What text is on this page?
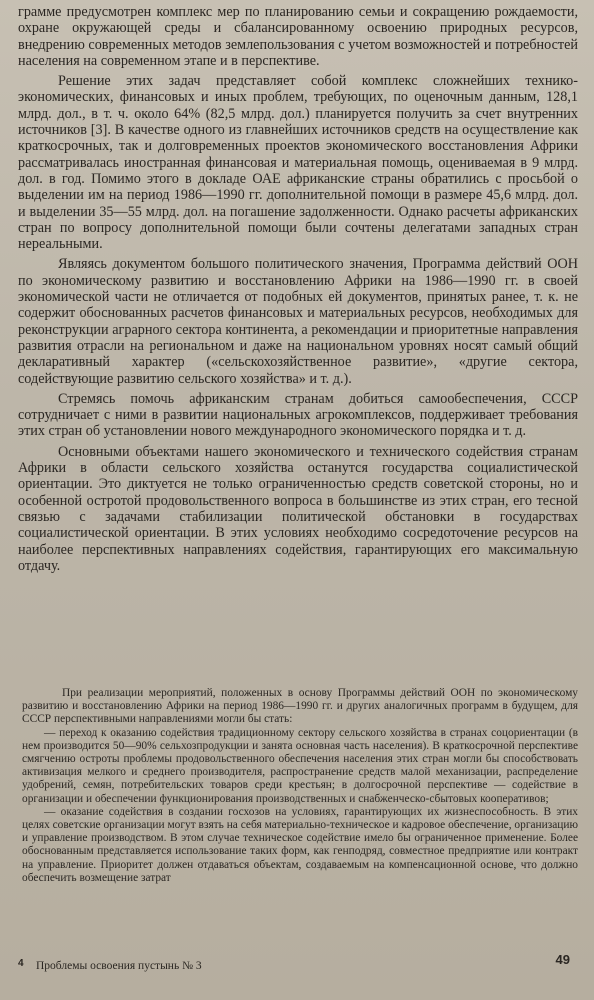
грамме предусмотрен комплекс мер по планированию семьи и сокращению рождаемости, охране окружающей среды и сбалансированному освоению природных ресурсов, внедрению современных методов землепользования с учетом возможностей и потребностей населения на современном этапе и в перспективе.

Решение этих задач представляет собой комплекс сложнейших технико-экономических, финансовых и иных проблем, требующих, по оценочным данным, 128,1 млрд. дол., в т. ч. около 64% (82,5 млрд. дол.) планируется получить за счет внутренних источников [3]. В качестве одного из главнейших источников средств на осуществление как краткосрочных, так и долговременных проектов экономического восстановления Африки рассматривалась иностранная финансовая и материальная помощь, оцениваемая в 9 млрд. дол. в год. Помимо этого в докладе ОАЕ африканские страны обратились с просьбой о выделении им на период 1986—1990 гг. дополнительной помощи в размере 45,6 млрд. дол. и выделении 35—55 млрд. дол. на погашение задолженности. Однако расчеты африканских стран по вопросу дополнительной помощи были сочтены делегатами западных стран нереальными.

Являясь документом большого политического значения, Программа действий ООН по экономическому развитию и восстановлению Африки на 1986—1990 гг. в своей экономической части не отличается от подобных ей документов, принятых ранее, т. к. не содержит обоснованных расчетов финансовых и материальных ресурсов, необходимых для реконструкции аграрного сектора континента, а рекомендации и приоритетные направления развития отрасли на региональном и даже на национальном уровнях носят самый общий декларативный характер («сельскохозяйственное развитие», «другие сектора, содействующие развитию сельского хозяйства» и т. д.).

Стремясь помочь африканским странам добиться самообеспечения, СССР сотрудничает с ними в развитии национальных агрокомплексов, поддерживает требования этих стран об установлении нового международного экономического порядка и т. д.

Основными объектами нашего экономического и технического содействия странам Африки в области сельского хозяйства останутся государства социалистической ориентации. Это диктуется не только ограниченностью средств советской стороны, но и особенной остротой продовольственного вопроса в большинстве из этих стран, его тесной связью с задачами стабилизации политической обстановки в государствах социалистической ориентации. В этих условиях необходимо сосредоточение ресурсов на наиболее перспективных направлениях содействия, гарантирующих его максимальную отдачу.

При реализации мероприятий, положенных в основу Программы действий ООН по экономическому развитию и восстановлению Африки на период 1986—1990 гг. и других аналогичных программ в будущем, для СССР перспективными направлениями могли бы стать:

— переход к оказанию содействия традиционному сектору сельского хозяйства в странах соцориентации (в нем производится 50—90% сельхозпродукции и занята основная часть населения). В краткосрочной перспективе смягчению остроты проблемы продовольственного обеспечения населения этих стран могли бы способствовать активизация мелкого и среднего производителя, распространение средств малой механизации, распределение удобрений, семян, потребительских товаров среди крестьян; в долгосрочной перспективе — содействие в организации и обеспечении функционирования производственных и снабженческо-сбытовых кооперативов;

— оказание содействия в создании госхозов на условиях, гарантирующих их жизнеспособность. В этих целях советские организации могут взять на себя материально-техническое и кадровое обеспечение, организацию и управление производством. В этом случае техническое содействие имело бы ограниченное применение. Более обоснованным представляется использование таких форм, как генподряд, совместное предприятие или контракт на управление. Приоритет должен отдаваться объектам, создаваемым на компенсационной основе, что должно обеспечить возмещение затрат

4 Проблемы освоения пустынь № 3	49
